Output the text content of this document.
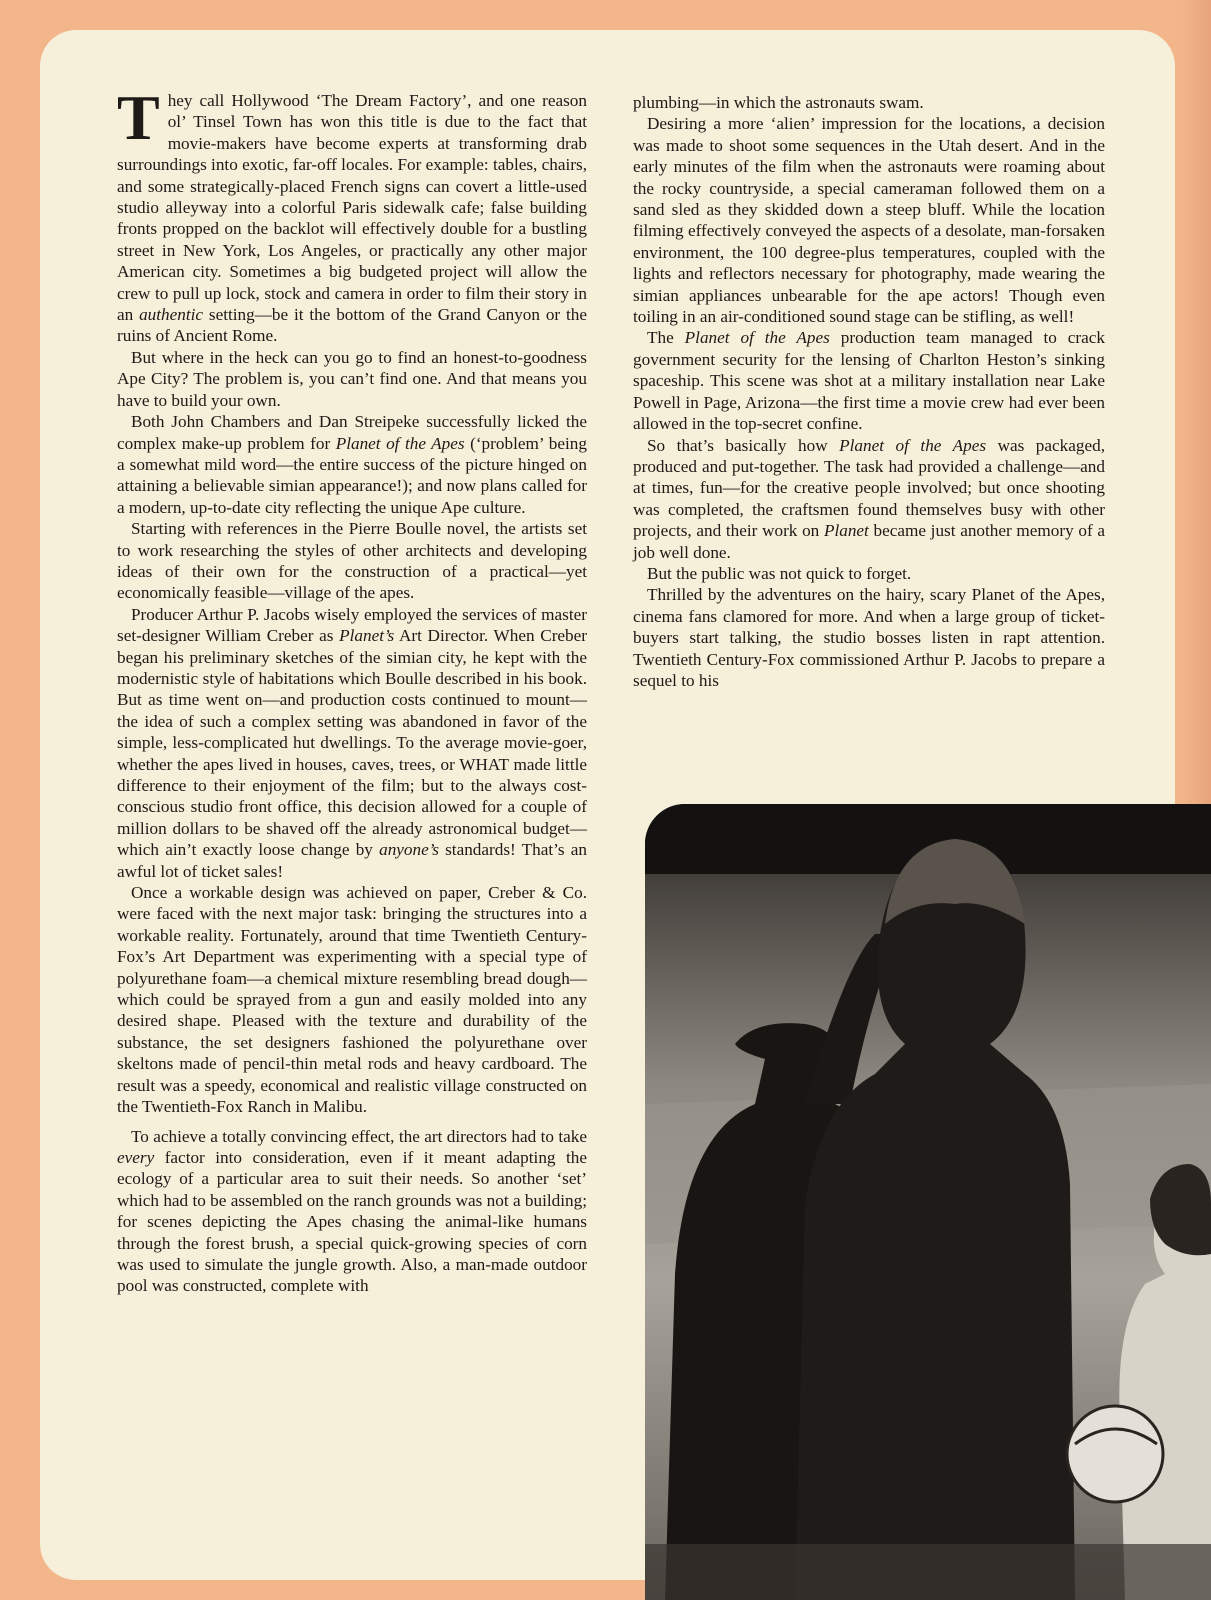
They call Hollywood ‘The Dream Factory’, and one reason ol’ Tinsel Town has won this title is due to the fact that movie-makers have become experts at transforming drab surroundings into exotic, far-off locales. For example: tables, chairs, and some strategically-placed French signs can covert a little-used studio alleyway into a colorful Paris sidewalk cafe; false building fronts propped on the backlot will effectively double for a bustling street in New York, Los Angeles, or practically any other major American city. Sometimes a big budgeted project will allow the crew to pull up lock, stock and camera in order to film their story in an authentic setting—be it the bottom of the Grand Canyon or the ruins of Ancient Rome.

But where in the heck can you go to find an honest-to-goodness Ape City? The problem is, you can’t find one. And that means you have to build your own.

Both John Chambers and Dan Streipeke successfully licked the complex make-up problem for Planet of the Apes (‘problem’ being a somewhat mild word—the entire success of the picture hinged on attaining a believable simian appearance!); and now plans called for a modern, up-to-date city reflecting the unique Ape culture.

Starting with references in the Pierre Boulle novel, the artists set to work researching the styles of other architects and developing ideas of their own for the construction of a practical—yet economically feasible—village of the apes.

Producer Arthur P. Jacobs wisely employed the services of master set-designer William Creber as Planet’s Art Director. When Creber began his preliminary sketches of the simian city, he kept with the modernistic style of habitations which Boulle described in his book. But as time went on—and production costs continued to mount—the idea of such a complex setting was abandoned in favor of the simple, less-complicated hut dwellings. To the average movie-goer, whether the apes lived in houses, caves, trees, or WHAT made little difference to their enjoyment of the film; but to the always cost-conscious studio front office, this decision allowed for a couple of million dollars to be shaved off the already astronomical budget—which ain’t exactly loose change by anyone’s standards! That’s an awful lot of ticket sales!

Once a workable design was achieved on paper, Creber & Co. were faced with the next major task: bringing the structures into a workable reality. Fortunately, around that time Twentieth Century-Fox’s Art Department was experimenting with a special type of polyurethane foam—a chemical mixture resembling bread dough—which could be sprayed from a gun and easily molded into any desired shape. Pleased with the texture and durability of the substance, the set designers fashioned the polyurethane over skeltons made of pencil-thin metal rods and heavy cardboard. The result was a speedy, economical and realistic village constructed on the Twentieth-Fox Ranch in Malibu.

To achieve a totally convincing effect, the art directors had to take every factor into consideration, even if it meant adapting the ecology of a particular area to suit their needs. So another ‘set’ which had to be assembled on the ranch grounds was not a building; for scenes depicting the Apes chasing the animal-like humans through the forest brush, a special quick-growing species of corn was used to simulate the jungle growth. Also, a man-made outdoor pool was constructed, complete with

plumbing—in which the astronauts swam.

Desiring a more ‘alien’ impression for the locations, a decision was made to shoot some sequences in the Utah desert. And in the early minutes of the film when the astronauts were roaming about the rocky countryside, a special cameraman followed them on a sand sled as they skidded down a steep bluff. While the location filming effectively conveyed the aspects of a desolate, man-forsaken environment, the 100 degree-plus temperatures, coupled with the lights and reflectors necessary for photography, made wearing the simian appliances unbearable for the ape actors! Though even toiling in an air-conditioned sound stage can be stifling, as well!

The Planet of the Apes production team managed to crack government security for the lensing of Charlton Heston’s sinking spaceship. This scene was shot at a military installation near Lake Powell in Page, Arizona—the first time a movie crew had ever been allowed in the top-secret confine.

So that’s basically how Planet of the Apes was packaged, produced and put-together. The task had provided a challenge—and at times, fun—for the creative people involved; but once shooting was completed, the craftsmen found themselves busy with other projects, and their work on Planet became just another memory of a job well done.

But the public was not quick to forget.

Thrilled by the adventures on the hairy, scary Planet of the Apes, cinema fans clamored for more. And when a large group of ticket-buyers start talking, the studio bosses listen in rapt attention. Twentieth Century-Fox commissioned Arthur P. Jacobs to prepare a sequel to his
